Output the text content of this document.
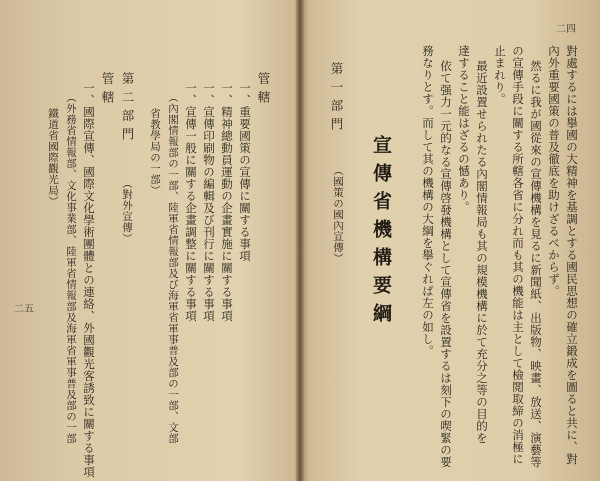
二四
對處するには擧國の大精神を基調とする國民思想の確立鍛成を圖ると共に、對
內外重要國策の普及徹底を助けざるべからず。
然るに我が國從來の宣傳機構を見るに新聞紙、出版物、映畫、放送、演藝等
の宣傳手段に關する所轄各省に分れ而も其の機能は主として檢閲取締の消極に
止まれり。
最近設置せられたる內閣情報局も其の規模機構に於て充分之等の目的を
達すること能はざるの憾あり。
依て强力一元的なる宣傳啓發機構として宣傳省を設置するは刻下の喫緊の要
務なりとす。而して其の機構の大綱を擧ぐれば左の如し。
宣傳省機構要綱
第一部門
（國策の國內宣傳）
二五
管轄
一、重要國策の宣傳に關する事項
一、精神總動員運動の企畫實施に關する事項
一、宣傳印刷物の編輯及び刊行に關する事項
一、宣傳一般に關する企畫調整に關する事項
（內閣情報部の一部、陸軍省情報部及び海軍省軍事普及部の一部、文部
省教學局の一部）
第二部門
（對外宣傳）
管轄
一、國際宣傳、國際文化學術團體との連絡、外國觀光客誘致に關する事項
（外務省情報部、文化事業部、陸軍省情報部及海軍省軍事普及部の一部
鐵道省國際觀光局）
